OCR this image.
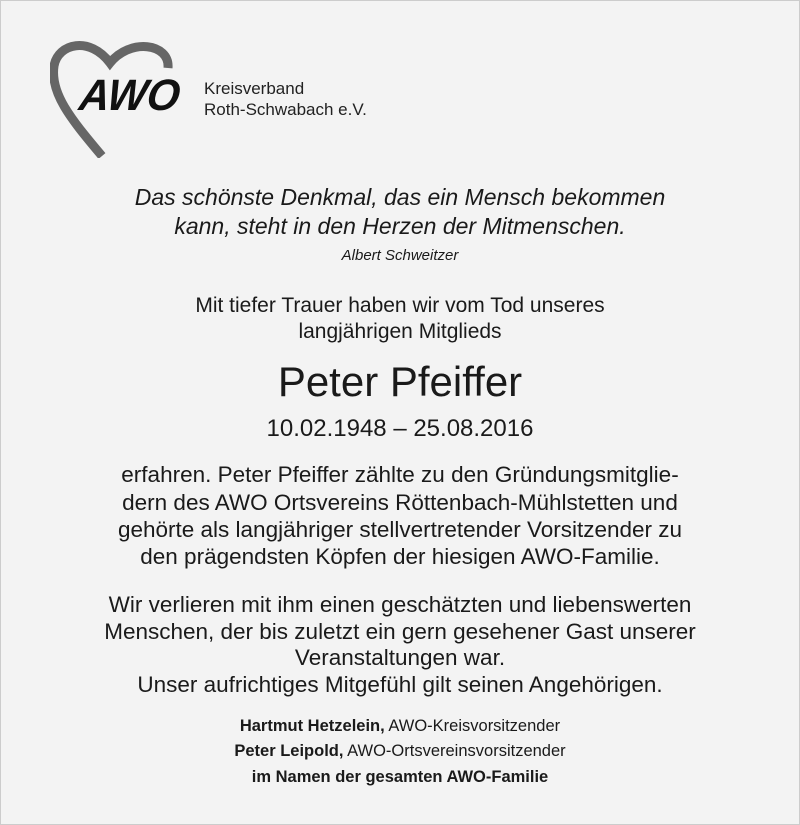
AWO Kreisverband
Roth-Schwabach e.V.
Das schönste Denkmal, das ein Mensch bekommen
kann, steht in den Herzen der Mitmenschen.
Albert Schweitzer
Mit tiefer Trauer haben wir vom Tod unseres
langjährigen Mitglieds
Peter Pfeiffer
10.02.1948 – 25.08.2016
erfahren. Peter Pfeiffer zählte zu den Gründungsmitglie-
dern des AWO Ortsvereins Röttenbach-Mühlstetten und
gehörte als langjähriger stellvertretender Vorsitzender zu
den prägendsten Köpfen der hiesigen AWO-Familie.
Wir verlieren mit ihm einen geschätzten und liebenswerten
Menschen, der bis zuletzt ein gern gesehener Gast unserer
Veranstaltungen war.
Unser aufrichtiges Mitgefühl gilt seinen Angehörigen.
Hartmut Hetzelein, AWO-Kreisvorsitzender
Peter Leipold, AWO-Ortsvereinsvorsitzender
im Namen der gesamten AWO-Familie
